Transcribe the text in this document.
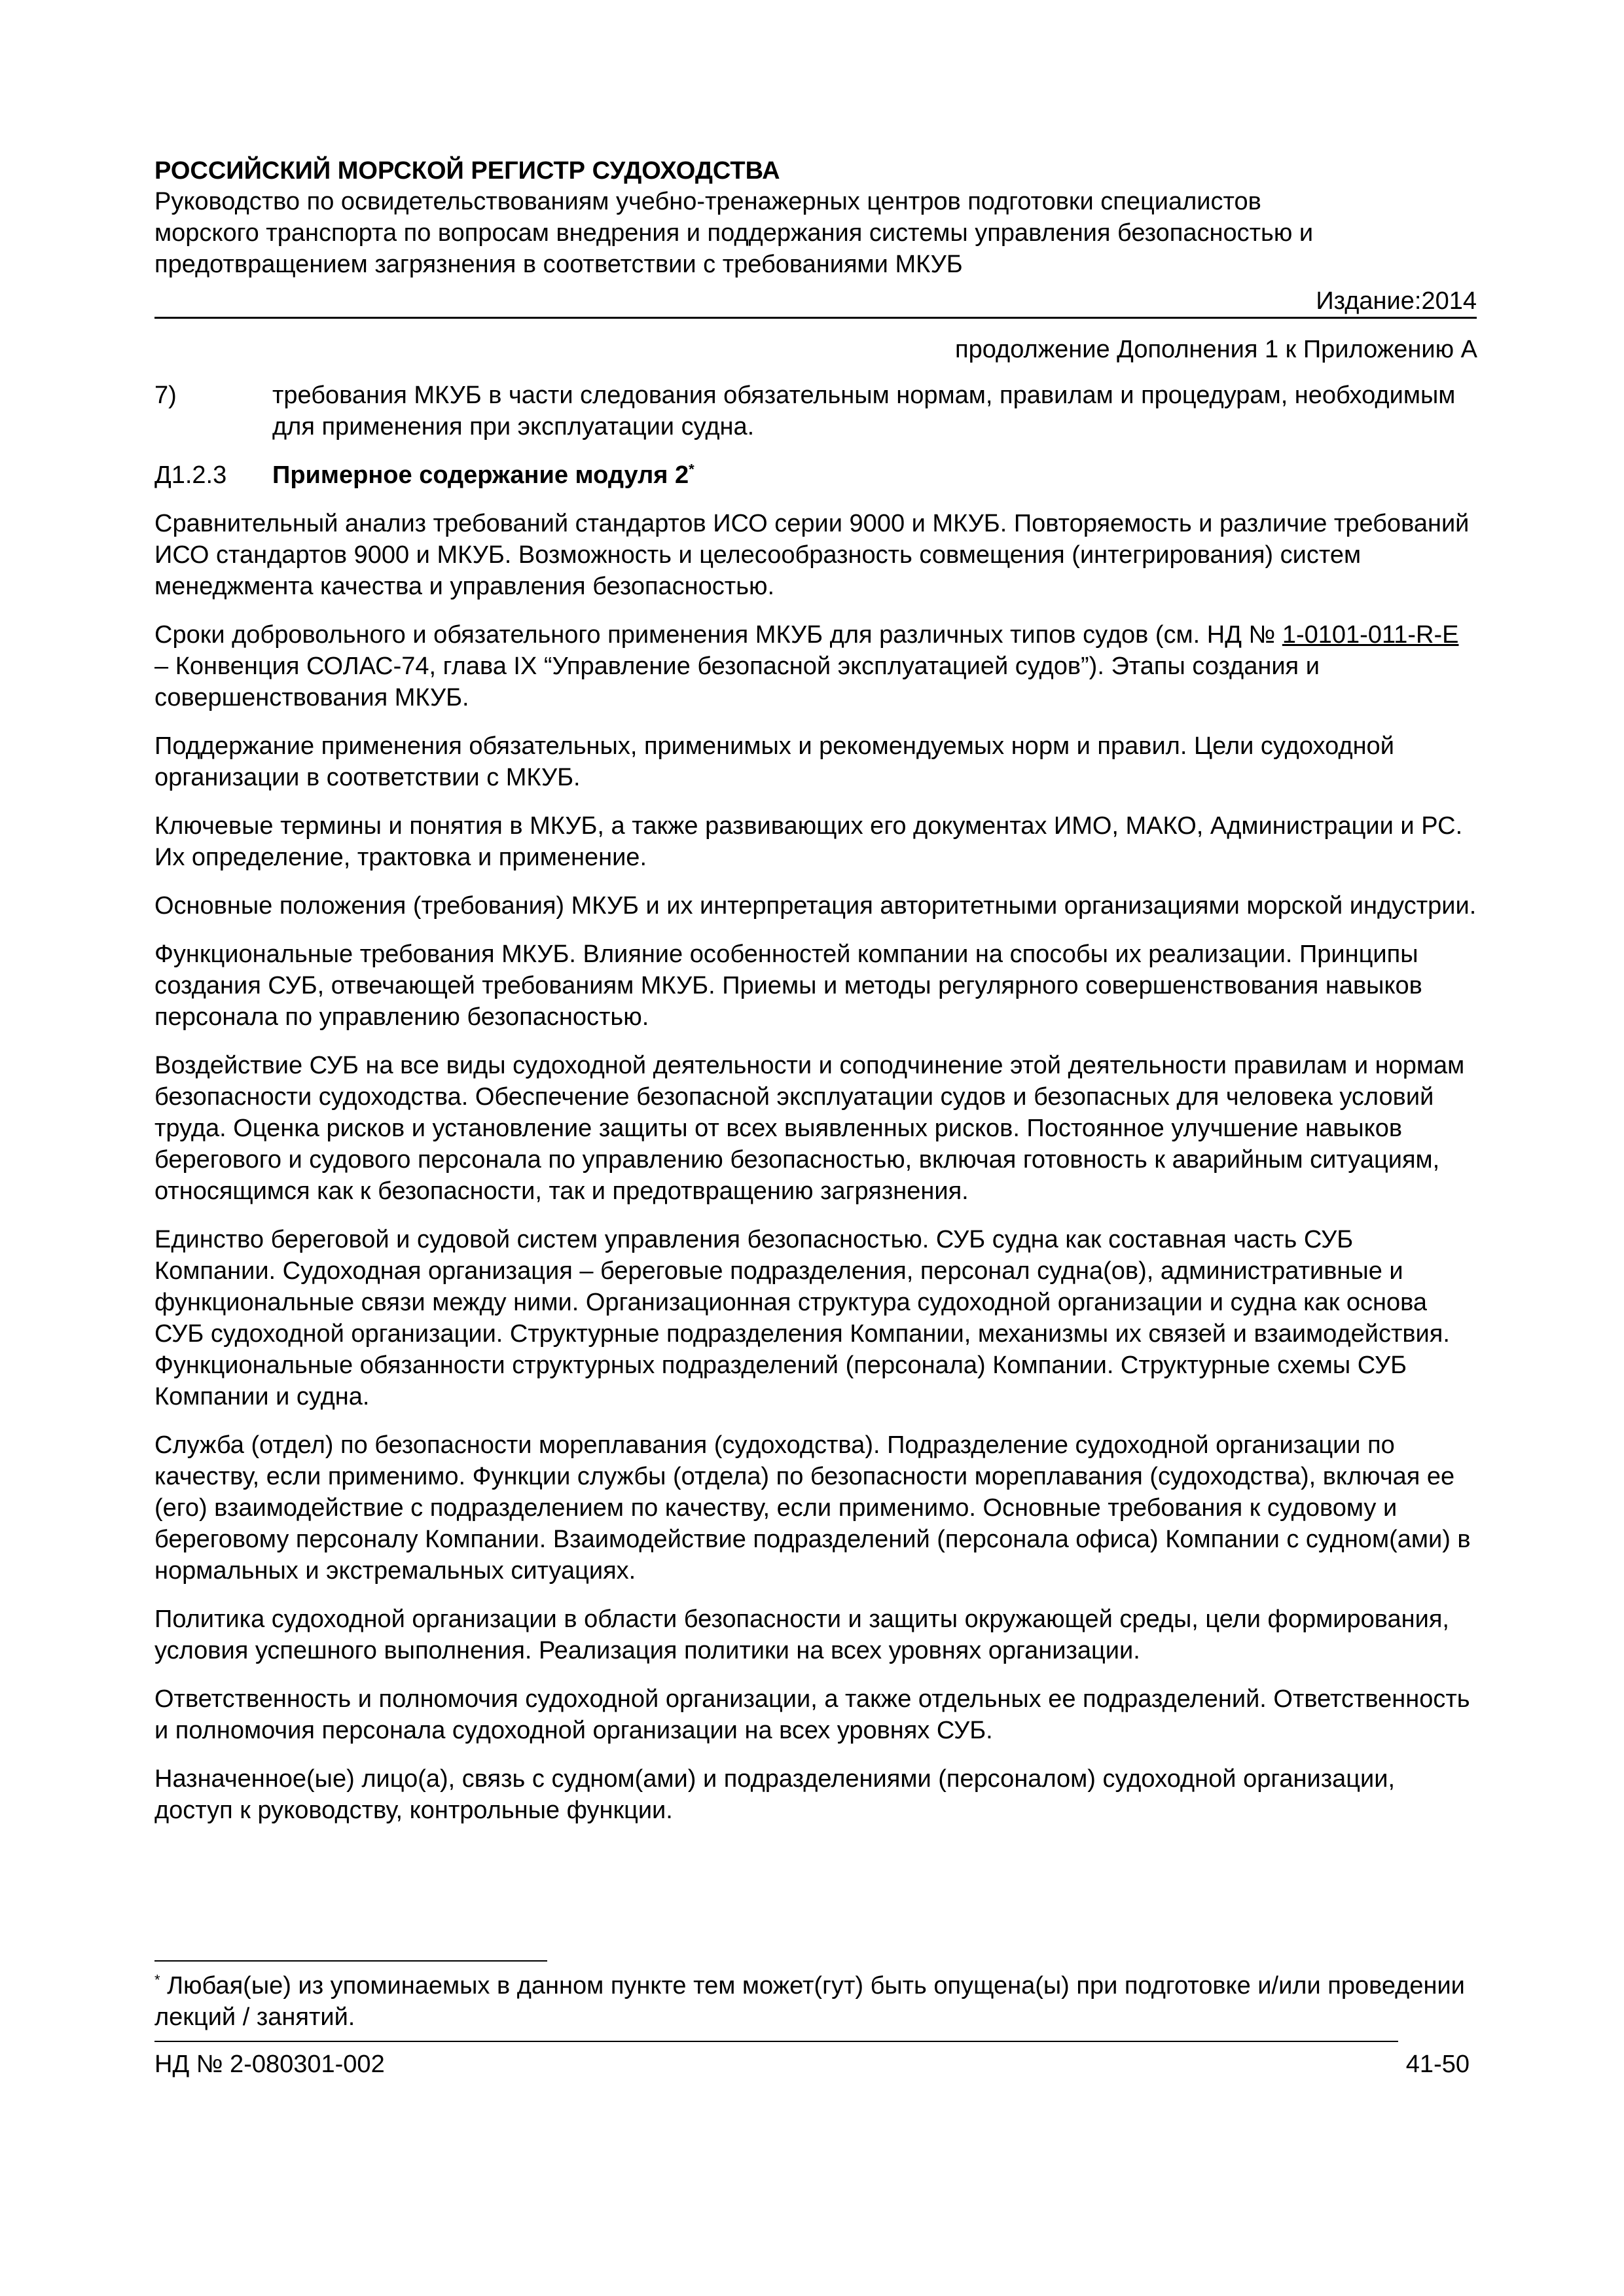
РОССИЙСКИЙ МОРСКОЙ РЕГИСТР СУДОХОДСТВА
Руководство по освидетельствованиям учебно-тренажерных центров подготовки специалистов
морского транспорта по вопросам внедрения и поддержания системы управления безопасностью и
предотвращением загрязнения в соответствии с требованиями МКУБ
Издание:2014
продолжение Дополнения 1 к Приложению А
7)	требования МКУБ в части следования обязательным нормам, правилам и процедурам, необходимым для применения при эксплуатации судна.
Д1.2.3	Примерное содержание модуля 2*

Сравнительный анализ требований стандартов ИСО серии 9000 и МКУБ. Повторяемость и различие требований ИСО стандартов 9000 и МКУБ. Возможность и целесообразность совмещения (интегрирования) систем менеджмента качества и управления безопасностью.

Сроки добровольного и обязательного применения МКУБ для различных типов судов (см. НД № 1-0101-011-R-E – Конвенция СОЛАС-74, глава IX “Управление безопасной эксплуатацией судов”). Этапы создания и совершенствования МКУБ.

Поддержание применения обязательных, применимых и рекомендуемых норм и правил. Цели судоходной организации в соответствии с МКУБ.

Ключевые термины и понятия в МКУБ, а также развивающих его документах ИМО, МАКО, Администрации и РС. Их определение, трактовка и применение.

Основные положения (требования) МКУБ и их интерпретация авторитетными организациями морской индустрии.

Функциональные требования МКУБ. Влияние особенностей компании на способы их реализации. Принципы создания СУБ, отвечающей требованиям МКУБ. Приемы и методы регулярного совершенствования навыков персонала по управлению безопасностью.

Воздействие СУБ на все виды судоходной деятельности и соподчинение этой деятельности правилам и нормам безопасности судоходства. Обеспечение безопасной эксплуатации судов и безопасных для человека условий труда. Оценка рисков и установление защиты от всех выявленных рисков. Постоянное улучшение навыков берегового и судового персонала по управлению безопасностью, включая готовность к аварийным ситуациям, относящимся как к безопасности, так и предотвращению загрязнения.

Единство береговой и судовой систем управления безопасностью. СУБ судна как составная часть СУБ Компании. Судоходная организация – береговые подразделения, персонал судна(ов), административные и функциональные связи между ними. Организационная структура судоходной организации и судна как основа СУБ судоходной организации. Структурные подразделения Компании, механизмы их связей и взаимодействия. Функциональные обязанности структурных подразделений (персонала) Компании. Структурные схемы СУБ Компании и судна.

Служба (отдел) по безопасности мореплавания (судоходства). Подразделение судоходной организации по качеству, если применимо. Функции службы (отдела) по безопасности мореплавания (судоходства), включая ее (его) взаимодействие с подразделением по качеству, если применимо. Основные требования к судовому и береговому персоналу Компании. Взаимодействие подразделений (персонала офиса) Компании с судном(ами) в нормальных и экстремальных ситуациях.

Политика судоходной организации в области безопасности и защиты окружающей среды, цели формирования, условия успешного выполнения. Реализация политики на всех уровнях организации.

Ответственность и полномочия судоходной организации, а также отдельных ее подразделений. Ответственность и полномочия персонала судоходной организации на всех уровнях СУБ.

Назначенное(ые) лицо(а), связь с судном(ами) и подразделениями (персоналом) судоходной организации, доступ к руководству, контрольные функции.

* Любая(ые) из упоминаемых в данном пункте тем может(гут) быть опущена(ы) при подготовке и/или проведении лекций / занятий.
НД № 2-080301-002	41-50
